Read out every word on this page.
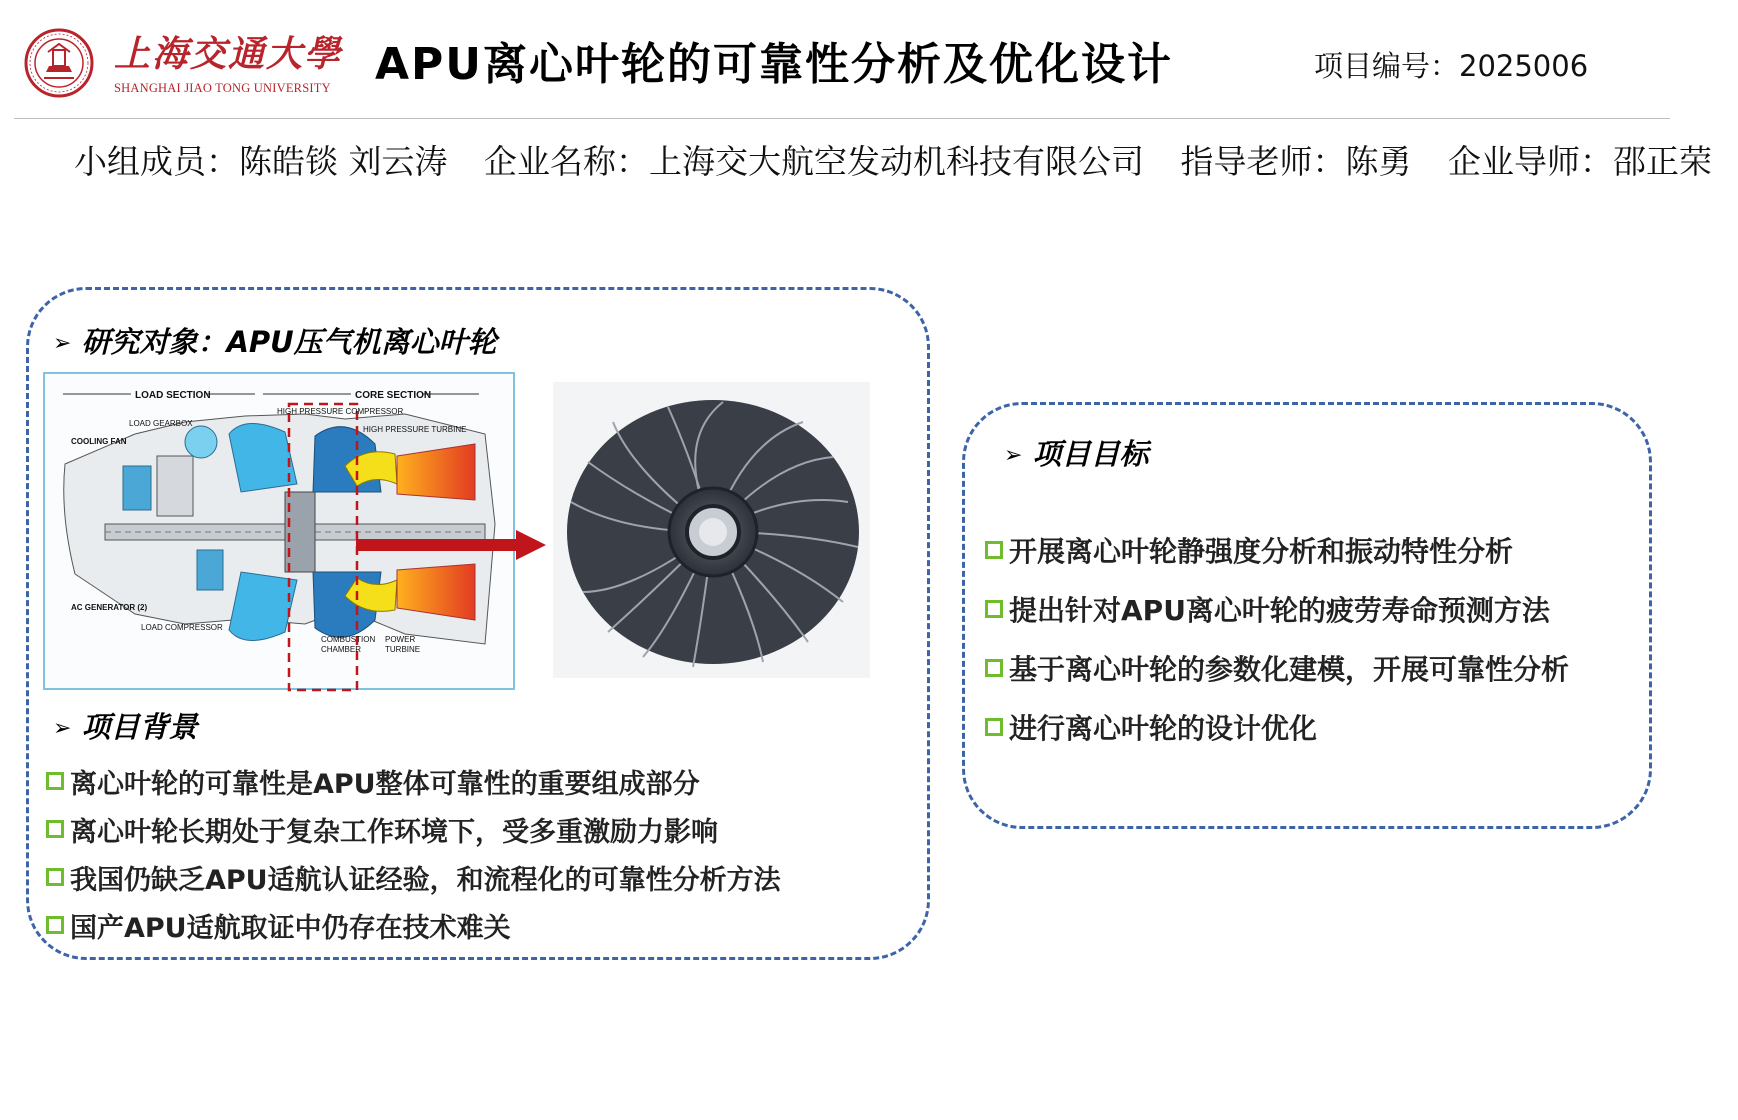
上海交通大學
SHANGHAI JIAO TONG UNIVERSITY APU离心叶轮的可靠性分析及优化设计	项目编号：2025006
小组成员：陈皓锬 刘云涛 企业名称：上海交大航空发动机科技有限公司 指导老师：陈勇 企业导师：邵正荣
➢ 研究对象：APU压气机离心叶轮
LOAD SECTION	CORE SECTION
HIGH PRESSURE COMPRESSOR
LOAD GEARBOX
HIGH PRESSURE TURBINE
COOLING FAN
AC GENERATOR (2)
LOAD COMPRESSOR
COMBUSTION
CHAMBER
POWER
TURBINE
➢ 项目背景
离心叶轮的可靠性是APU整体可靠性的重要组成部分
离心叶轮长期处于复杂工作环境下，受多重激励力影响
我国仍缺乏APU适航认证经验，和流程化的可靠性分析方法
国产APU适航取证中仍存在技术难关
➢ 项目目标
开展离心叶轮静强度分析和振动特性分析
提出针对APU离心叶轮的疲劳寿命预测方法
基于离心叶轮的参数化建模，开展可靠性分析
进行离心叶轮的设计优化
